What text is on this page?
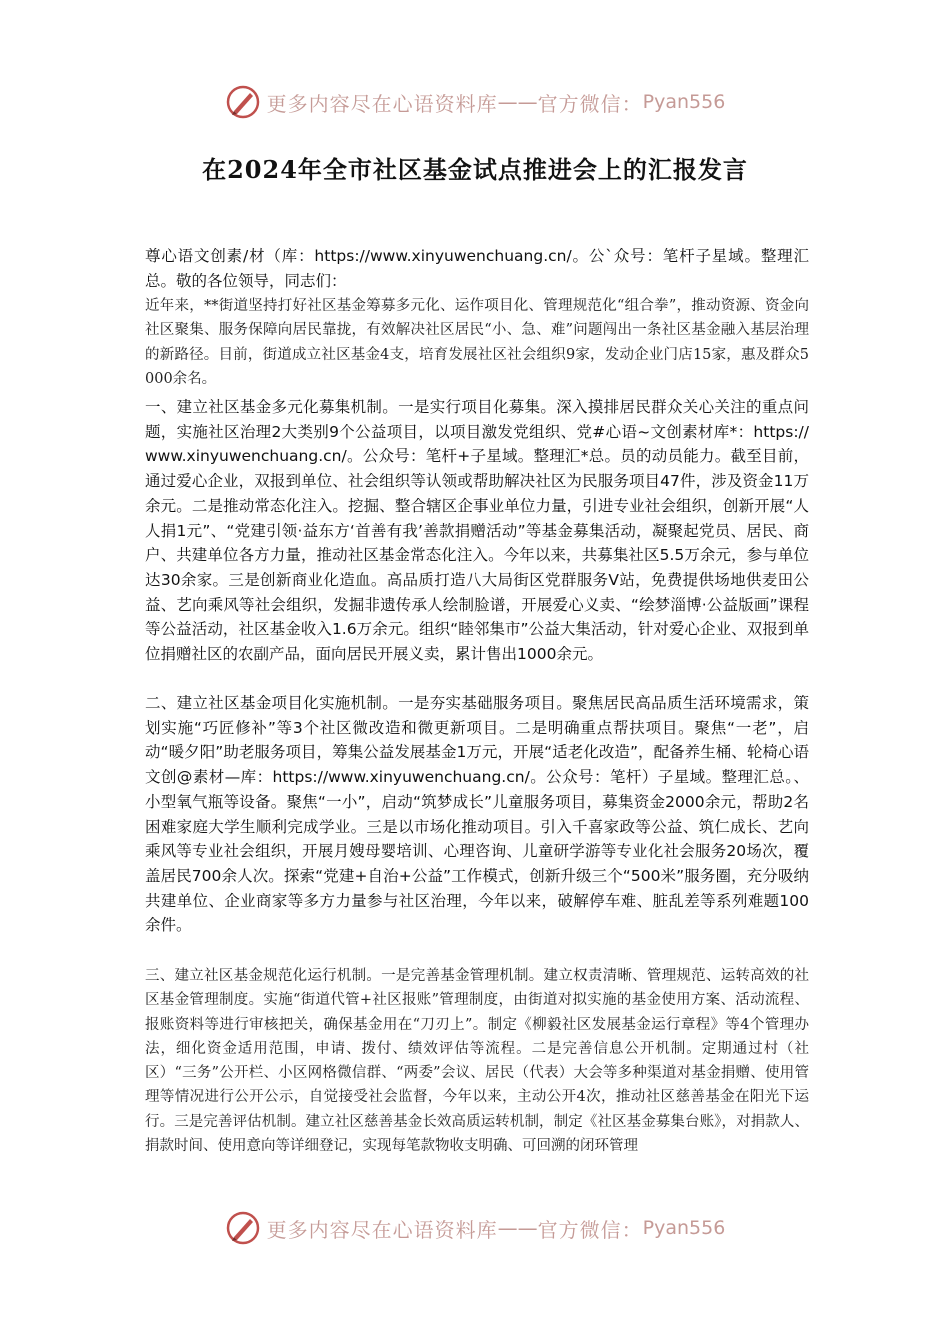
更多内容尽在心语资料库 —— 官方微信： Pyan556
在2024年全市社区基金试点推进会上的汇报发言

尊心语文创素/材（库：https://www.xinyuwenchuang.cn/。公`众号：笔杆子星域。整理汇总。敬的各位领导，同志们：

近年来，**街道坚持打好社区基金筹募多元化、运作项目化、管理规范化“组合拳”，推动资源、资金向社区聚集、服务保障向居民靠拢，有效解决社区居民“小、急、难”问题闯出一条社区基金融入基层治理的新路径。目前，街道成立社区基金4支，培育发展社区社会组织9家，发动企业门店15家，惠及群众5000余名。

一、建立社区基金多元化募集机制。一是实行项目化募集。深入摸排居民群众关心关注的重点问题，实施社区治理2大类别9个公益项目，以项目激发党组织、党#心语~文创素材库*：https://www.xinyuwenchuang.cn/。公众号：笔杆+子星域。整理汇*总。员的动员能力。截至目前，通过爱心企业，双报到单位、社会组织等认领或帮助解决社区为民服务项目47件，涉及资金11万余元。二是推动常态化注入。挖掘、整合辖区企事业单位力量，引进专业社会组织，创新开展“人人捐1元”、“党建引领·益东方‘首善有我’善款捐赠活动”等基金募集活动，凝聚起党员、居民、商户、共建单位各方力量，推动社区基金常态化注入。今年以来，共募集社区5.5万余元，参与单位达30余家。三是创新商业化造血。高品质打造八大局街区党群服务V站，免费提供场地供麦田公益、艺向乘风等社会组织，发掘非遗传承人绘制脸谱，开展爱心义卖、“绘梦淄博·公益版画”课程等公益活动，社区基金收入1.6万余元。组织“睦邻集市”公益大集活动，针对爱心企业、双报到单位捐赠社区的农副产品，面向居民开展义卖，累计售出1000余元。

二、建立社区基金项目化实施机制。一是夯实基础服务项目。聚焦居民高品质生活环境需求，策划实施“巧匠修补”等3个社区微改造和微更新项目。二是明确重点帮扶项目。聚焦“一老”，启动“暖夕阳”助老服务项目，筹集公益发展基金1万元，开展“适老化改造”，配备养生桶、轮椅心语文创@素材—库：https://www.xinyuwenchuang.cn/。公众号：笔杆）子星域。整理汇总。、小型氧气瓶等设备。聚焦“一小”，启动“筑梦成长”儿童服务项目，募集资金2000余元，帮助2名困难家庭大学生顺利完成学业。三是以市场化推动项目。引入千喜家政等公益、筑仁成长、艺向乘风等专业社会组织，开展月嫂母婴培训、心理咨询、儿童研学游等专业化社会服务20场次，覆盖居民700余人次。探索“党建+自治+公益”工作模式，创新升级三个“500米”服务圈，充分吸纳共建单位、企业商家等多方力量参与社区治理，今年以来，破解停车难、脏乱差等系列难题100余件。

三、建立社区基金规范化运行机制。一是完善基金管理机制。建立权责清晰、管理规范、运转高效的社区基金管理制度。实施“街道代管+社区报账”管理制度，由街道对拟实施的基金使用方案、活动流程、报账资料等进行审核把关，确保基金用在“刀刃上”。制定《柳毅社区发展基金运行章程》等4个管理办法，细化资金适用范围，申请、拨付、绩效评估等流程。二是完善信息公开机制。定期通过村（社区）“三务”公开栏、小区网格微信群、“两委”会议、居民（代表）大会等多种渠道对基金捐赠、使用管理等情况进行公开公示，自觉接受社会监督，今年以来，主动公开4次，推动社区慈善基金在阳光下运行。三是完善评估机制。建立社区慈善基金长效高质运转机制，制定《社区基金募集台账》，对捐款人、捐款时间、使用意向等详细登记，实现每笔款物收支明确、可回溯的闭环管理

更多内容尽在心语资料库 —— 官方微信： Pyan556
